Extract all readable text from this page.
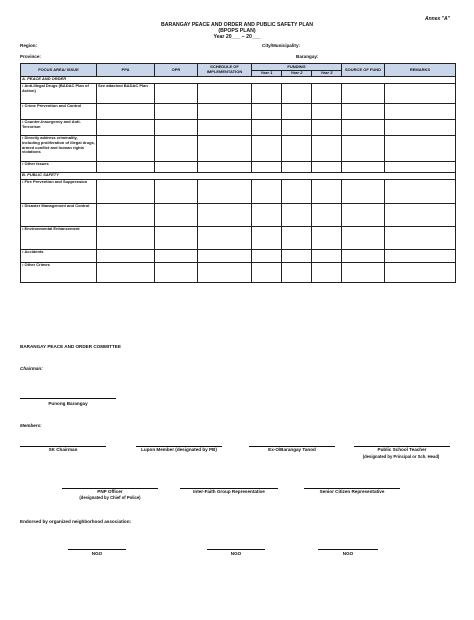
Annex "A"
BARANGAY PEACE AND ORDER AND PUBLIC SAFETY PLAN
(BPOPS PLAN)
Year 20___ – 20___
Region:	City/Municipality:
Province:	Barangay:
FOCUS AREA/ ISSUE	PPA	OPR	SCHEDULE OF IMPLEMENTATION	FUNDING			SOURCE OF FUND	REMARKS
				Year 1	Year 2	Year 3		
A. PEACE AND ORDER								
• Anti-Illegal Drugs (BADAC Plan of Action)	See attached BADAC Plan							
• Crime Prevention and Control								
• Counter-Insurgency and Anti-Terrorism								
• Directly address criminality, including proliferation of illegal drugs, armed conflict and human rights violations								
• Other Issues								
B. PUBLIC SAFETY								
• Fire Prevention and Suppression								
• Disaster Management and Control								
• Environmental Enhancement								
• Accidents								
• Other Crimes								
BARANGAY PEACE AND ORDER COMMITTEE
Chairman:
Punong Barangay
Members:
SK Chairman	Lupon Member (designated by PB)	Ex-O/Barangay Tanod	Public School Teacher
(designated by Principal or Sch. Head)
PNP Officer
(designated by Chief of Police)
Inter-Faith Group Representative	Senior Citizen Representative
Endorsed by organized neighborhood association:
NGO	NGO	NGO
